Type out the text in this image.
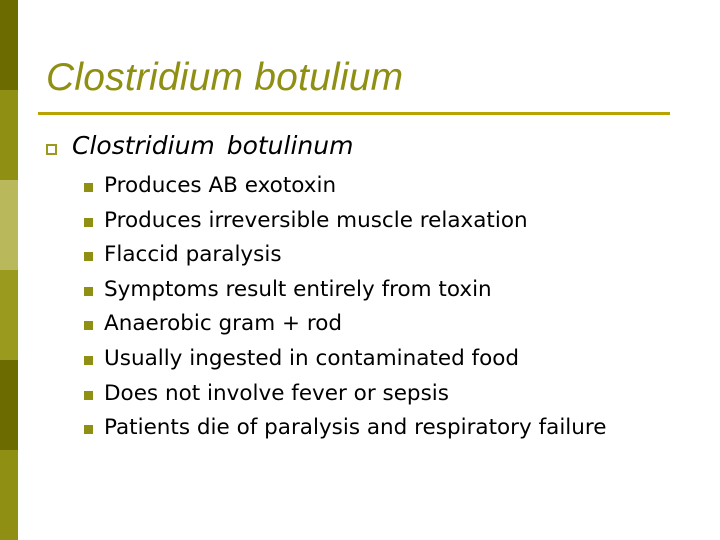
Clostridium botulium
Clostridium botulinum
Produces AB exotoxin
Produces irreversible muscle relaxation
Flaccid paralysis
Symptoms result entirely from toxin
Anaerobic gram + rod
Usually ingested in contaminated food
Does not involve fever or sepsis
Patients die of paralysis and respiratory failure
